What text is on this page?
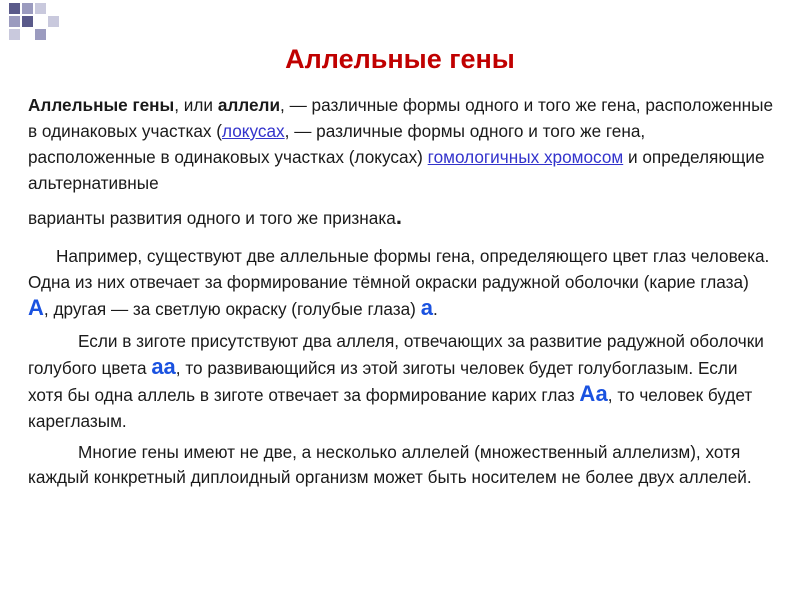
Аллельные гены

Аллельные гены, или аллели, — различные формы одного и того же гена, расположенные в одинаковых участках (локусах, — различные формы одного и того же гена, расположенные в одинаковых участках (локусах) гомологичных хромосом и определяющие альтернативные
варианты развития одного и того же признака.

Например, существуют две аллельные формы гена, определяющего цвет глаз человека. Одна из них отвечает за формирование тёмной окраски радужной оболочки (карие глаза) А, другая — за светлую окраску (голубые глаза) а.

Если в зиготе присутствуют два аллеля, отвечающих за развитие радужной оболочки голубого цвета аа, то развивающийся из этой зиготы человек будет голубоглазым. Если хотя бы одна аллель в зиготе отвечает за формирование карих глаз Аа, то человек будет кареглазым.

Многие гены имеют не две, а несколько аллелей (множественный аллелизм), хотя каждый конкретный диплоидный организм может быть носителем не более двух аллелей.
